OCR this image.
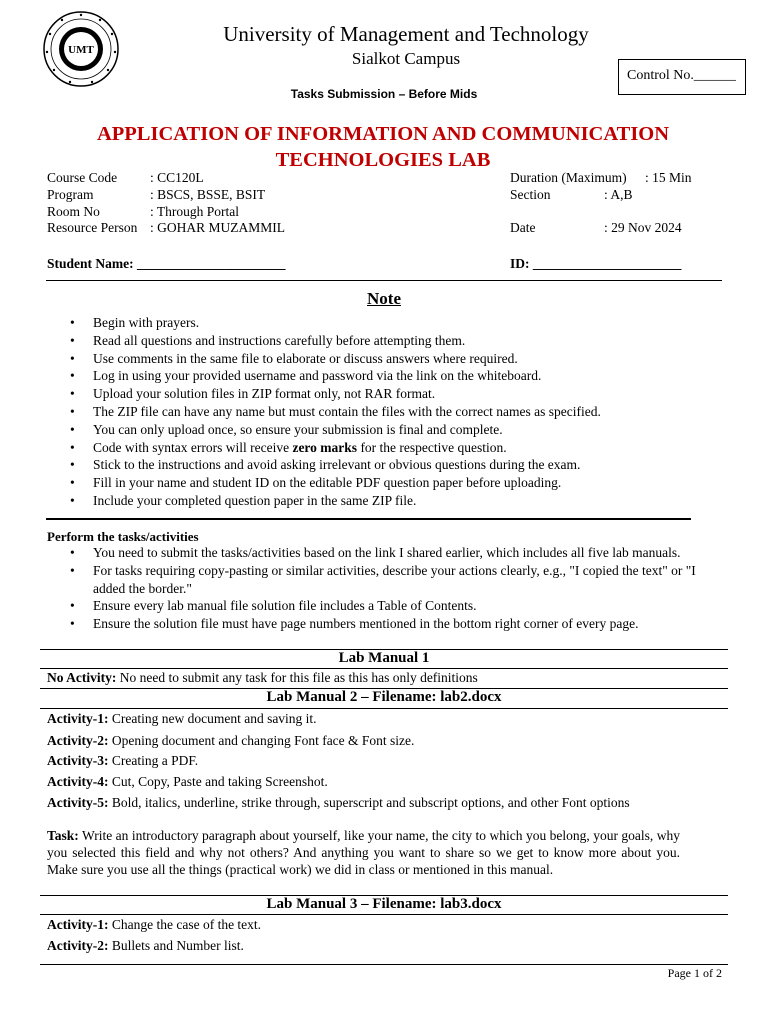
UMT
University of Management and Technology
Sialkot Campus
Control No.______
Tasks Submission – Before Mids
APPLICATION OF INFORMATION AND COMMUNICATION TECHNOLOGIES LAB
Course Code : CC120L
Program	: BSCS, BSSE, BSIT
Room No	: Through Portal
Resource Person : GOHAR MUZAMMIL
Duration (Maximum) : 15 Min
Section	: A,B
Date	: 29 Nov 2024
Student Name: ______________________	ID: ______________________
Note
• Begin with prayers.
• Read all questions and instructions carefully before attempting them.
• Use comments in the same file to elaborate or discuss answers where required.
• Log in using your provided username and password via the link on the whiteboard.
• Upload your solution files in ZIP format only, not RAR format.
• The ZIP file can have any name but must contain the files with the correct names as specified.
• You can only upload once, so ensure your submission is final and complete.
• Code with syntax errors will receive zero marks for the respective question.
• Stick to the instructions and avoid asking irrelevant or obvious questions during the exam.
• Fill in your name and student ID on the editable PDF question paper before uploading.
• Include your completed question paper in the same ZIP file.
Perform the tasks/activities
• You need to submit the tasks/activities based on the link I shared earlier, which includes all five lab manuals.
• For tasks requiring copy-pasting or similar activities, describe your actions clearly, e.g., "I copied the text" or "I added the border."
• Ensure every lab manual file solution file includes a Table of Contents.
• Ensure the solution file must have page numbers mentioned in the bottom right corner of every page.
Lab Manual 1
No Activity: No need to submit any task for this file as this has only definitions
Lab Manual 2 – Filename: lab2.docx
Activity-1: Creating new document and saving it.
Activity-2: Opening document and changing Font face & Font size.
Activity-3: Creating a PDF.
Activity-4: Cut, Copy, Paste and taking Screenshot.
Activity-5: Bold, italics, underline, strike through, superscript and subscript options, and other Font options
Task: Write an introductory paragraph about yourself, like your name, the city to which you belong, your goals, why you selected this field and why not others? And anything you want to share so we get to know more about you. Make sure you use all the things (practical work) we did in class or mentioned in this manual.
Lab Manual 3 – Filename: lab3.docx
Activity-1: Change the case of the text.
Activity-2: Bullets and Number list.
Page 1 of 2
